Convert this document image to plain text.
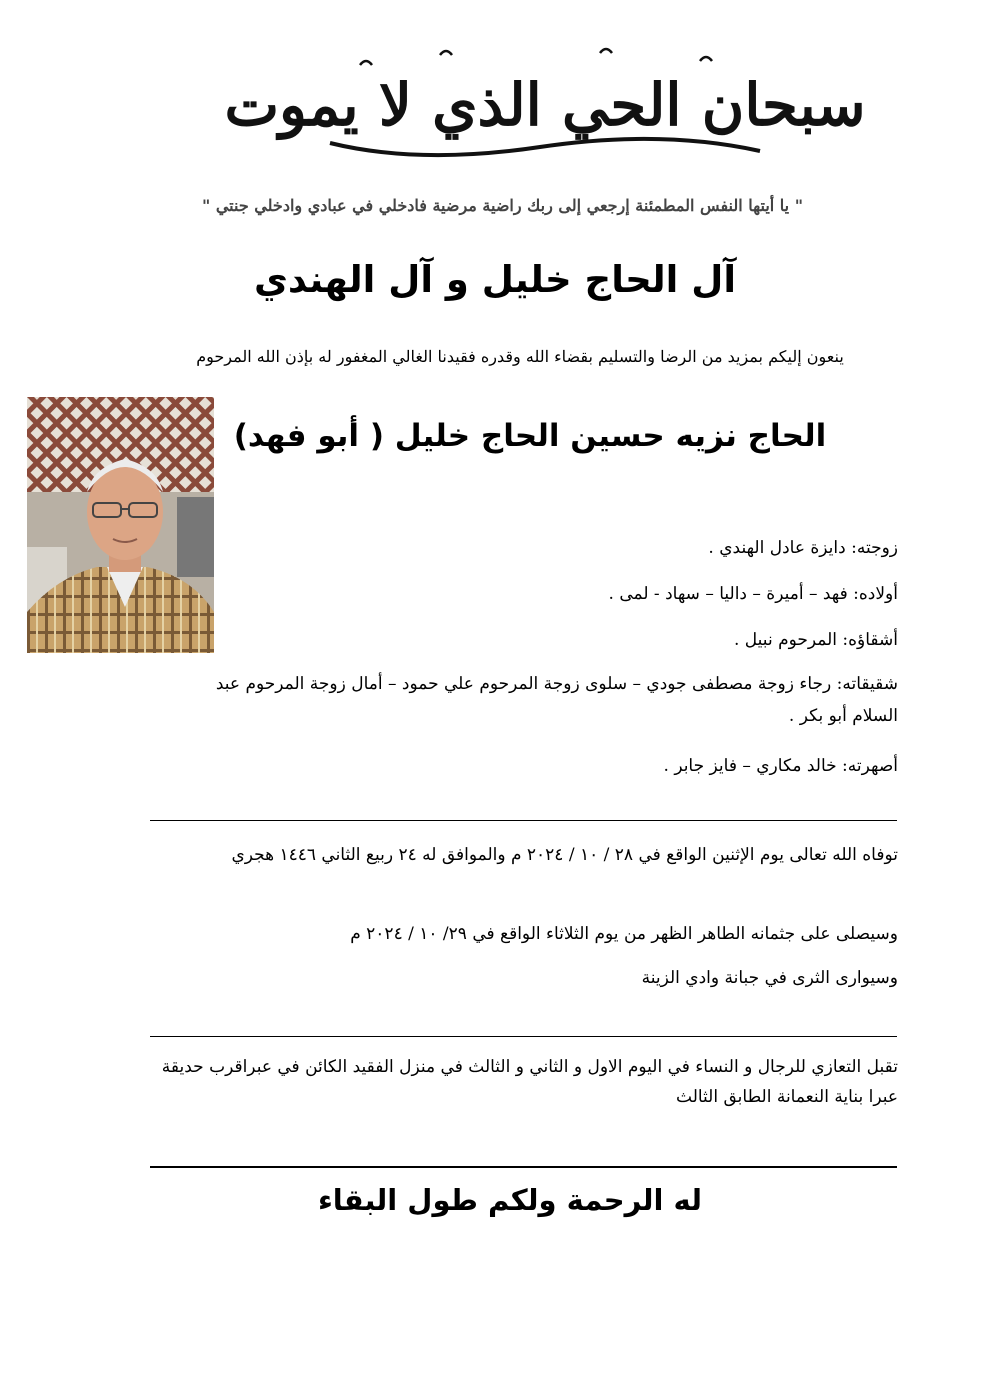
سبحان الحي الذي لا يموت
" يا أيتها النفس المطمئنة إرجعي إلى ربك راضية مرضية فادخلي في عبادي وادخلي جنتي "
آل الحاج خليل و آل الهندي
ينعون إليكم بمزيد من الرضا والتسليم بقضاء الله وقدره فقيدنا الغالي المغفور له بإذن الله المرحوم
الحاج نزيه حسين الحاج خليل ( أبو فهد)
زوجته: دايزة عادل الهندي .
أولاده: فهد – أميرة – داليا – سهاد - لمى .
أشقاؤه: المرحوم نبيل .
شقيقاته: رجاء زوجة مصطفى جودي – سلوى زوجة المرحوم علي حمود – أمال زوجة المرحوم عبد السلام أبو بكر .
أصهرته: خالد مكاري – فايز جابر .
توفاه الله تعالى يوم الإثنين الواقع في ٢٨ / ١٠ / ٢٠٢٤ م والموافق له ٢٤ ربيع الثاني ١٤٤٦ هجري
وسيصلى على جثمانه الطاهر الظهر من يوم الثلاثاء الواقع في ٢٩/ ١٠ / ٢٠٢٤ م
وسيوارى الثرى في جبانة وادي الزينة
تقبل التعازي للرجال و النساء في اليوم الاول و الثاني و الثالث في منزل الفقيد الكائن في عبراقرب حديقة عبرا بناية النعمانة الطابق الثالث
له الرحمة ولكم طول البقاء
